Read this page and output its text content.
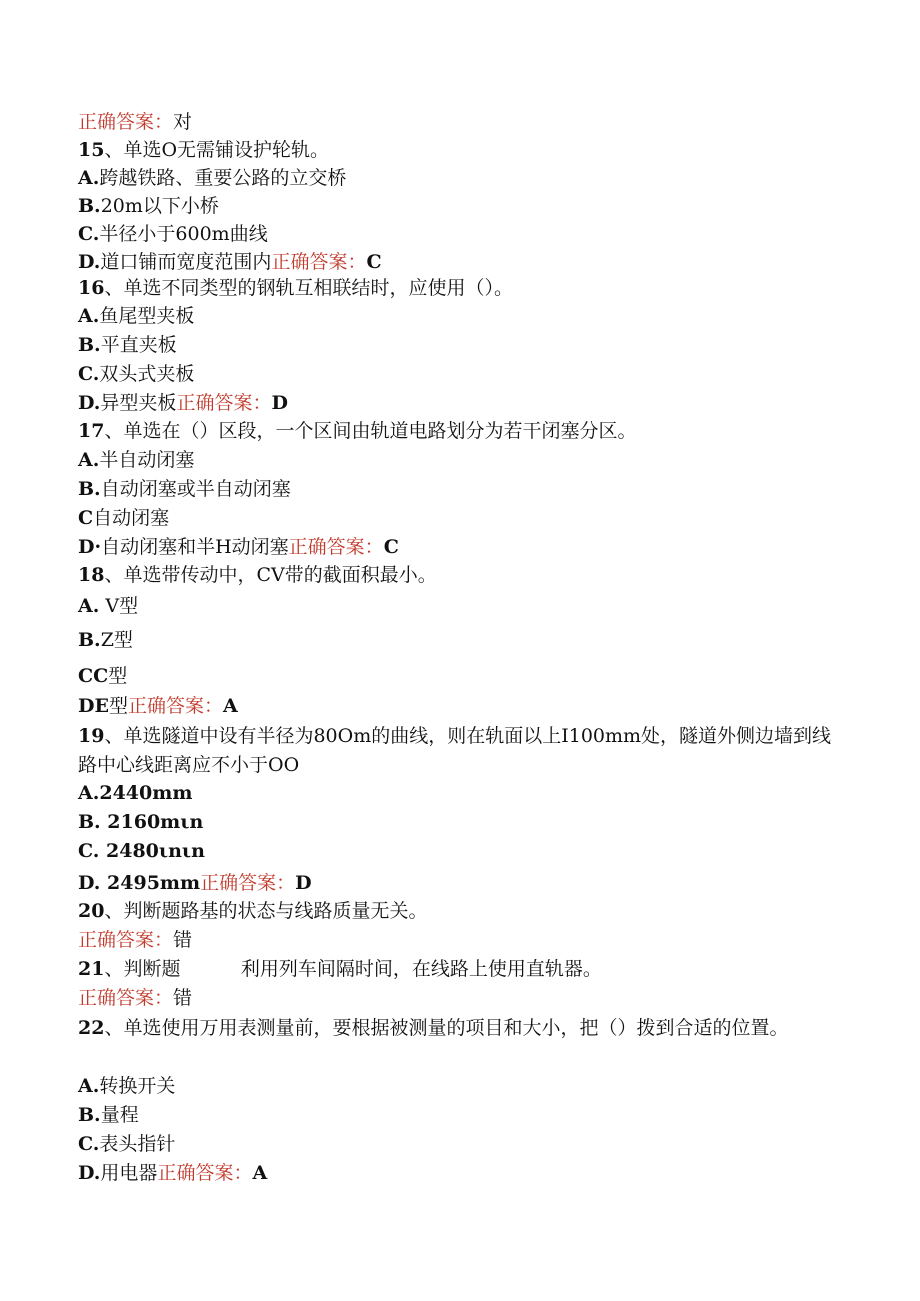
正确答案：对
15、单选O无需铺设护轮轨。
A.跨越铁路、重要公路的立交桥
B.20m以下小桥
C.半径小于600m曲线
D.道口铺而宽度范围内正确答案：C
16、单选不同类型的钢轨互相联结时，应使用（）。
A.鱼尾型夹板
B.平直夹板
C.双头式夹板
D.异型夹板正确答案：D
17、单选在（）区段，一个区间由轨道电路划分为若干闭塞分区。
A.半自动闭塞
B.自动闭塞或半自动闭塞
C自动闭塞
D·自动闭塞和半H动闭塞正确答案：C
18、单选带传动中，CV带的截面积最小。
A. V型
B.Z型
CC型
DE型正确答案：A
19、单选隧道中设有半径为80Om的曲线，则在轨面以上I100mm处，隧道外侧边墙到线路中心线距离应不小于OO
A.2440mm
B. 2160mιn
C. 2480ιnιn
D. 2495mm正确答案：D
20、判断题路基的状态与线路质量无关。
正确答案：错
21、判断题          利用列车间隔时间，在线路上使用直轨器。
正确答案：错
22、单选使用万用表测量前，要根据被测量的项目和大小，把（）拨到合适的位置。
A.转换开关
B.量程
C.表头指针
D.用电器正确答案：A
